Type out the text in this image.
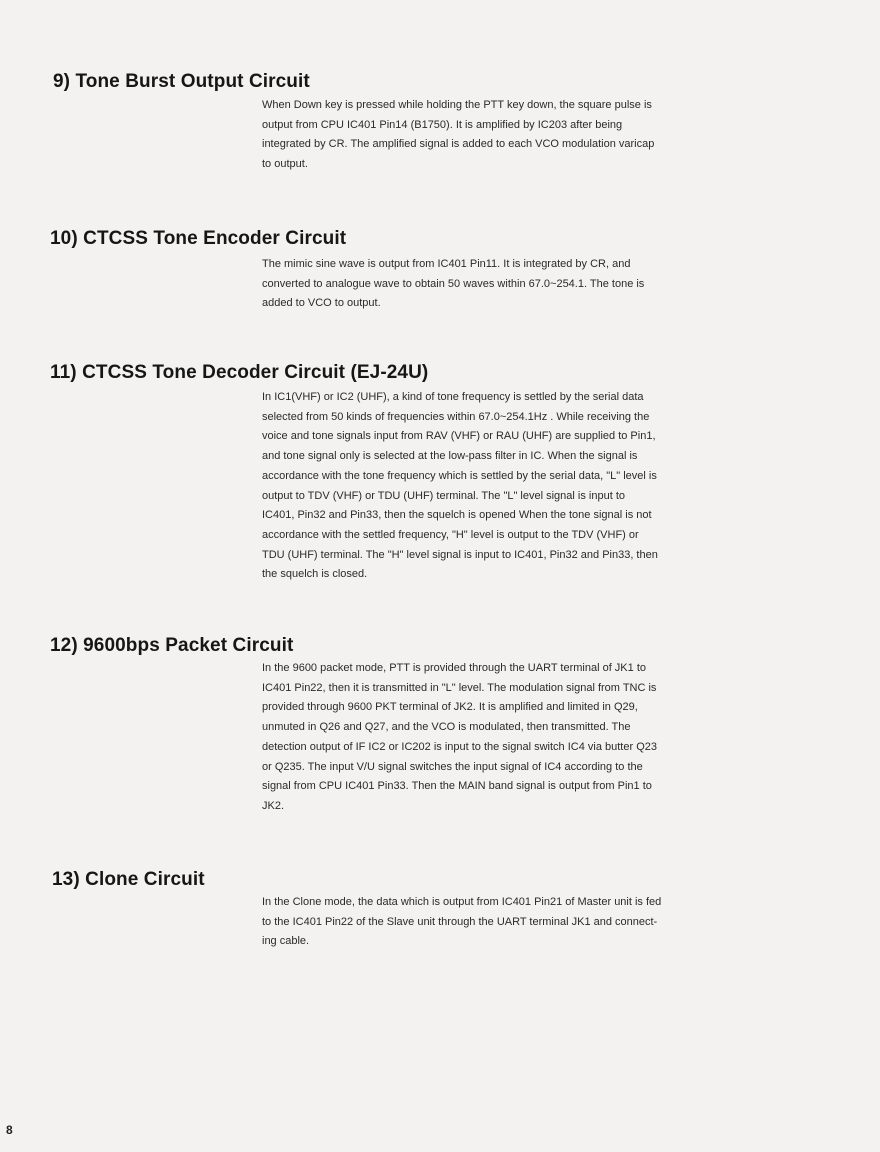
9) Tone Burst Output Circuit

When Down key is pressed while holding the PTT key down, the square pulse is
output from CPU IC401 Pin14 (B1750). It is amplified by IC203 after being
integrated by CR. The amplified signal is added to each VCO modulation varicap
to output.

10) CTCSS Tone Encoder Circuit

The mimic sine wave is output from IC401 Pin11. It is integrated by CR, and
converted to analogue wave to obtain 50 waves within 67.0~254.1. The tone is
added to VCO to output.

11) CTCSS Tone Decoder Circuit (EJ-24U)

In IC1(VHF) or IC2 (UHF), a kind of tone frequency is settled by the serial data
selected from 50 kinds of frequencies within 67.0~254.1Hz . While receiving the
voice and tone signals input from RAV (VHF) or RAU (UHF) are supplied to Pin1,
and tone signal only is selected at the low-pass filter in IC. When the signal is
accordance with the tone frequency which is settled by the serial data, "L" level is
output to TDV (VHF) or TDU (UHF) terminal. The "L" level signal is input to
IC401, Pin32 and Pin33, then the squelch is opened When the tone signal is not
accordance with the settled frequency, "H" level is output to the TDV (VHF) or
TDU (UHF) terminal. The "H" level signal is input to IC401, Pin32 and Pin33, then
the squelch is closed.

12) 9600bps Packet Circuit

In the 9600 packet mode, PTT is provided through the UART terminal of JK1 to
IC401 Pin22, then it is transmitted in "L" level. The modulation signal from TNC is
provided through 9600 PKT terminal of JK2. It is amplified and limited in Q29,
unmuted in Q26 and Q27, and the VCO is modulated, then transmitted. The
detection output of IF IC2 or IC202 is input to the signal switch IC4 via butter Q23
or Q235. The input V/U signal switches the input signal of IC4 according to the
signal from CPU IC401 Pin33. Then the MAIN band signal is output from Pin1 to
JK2.

13) Clone Circuit

In the Clone mode, the data which is output from IC401 Pin21 of Master unit is fed
to the IC401 Pin22 of the Slave unit through the UART terminal JK1 and connect-
ing cable.

8
